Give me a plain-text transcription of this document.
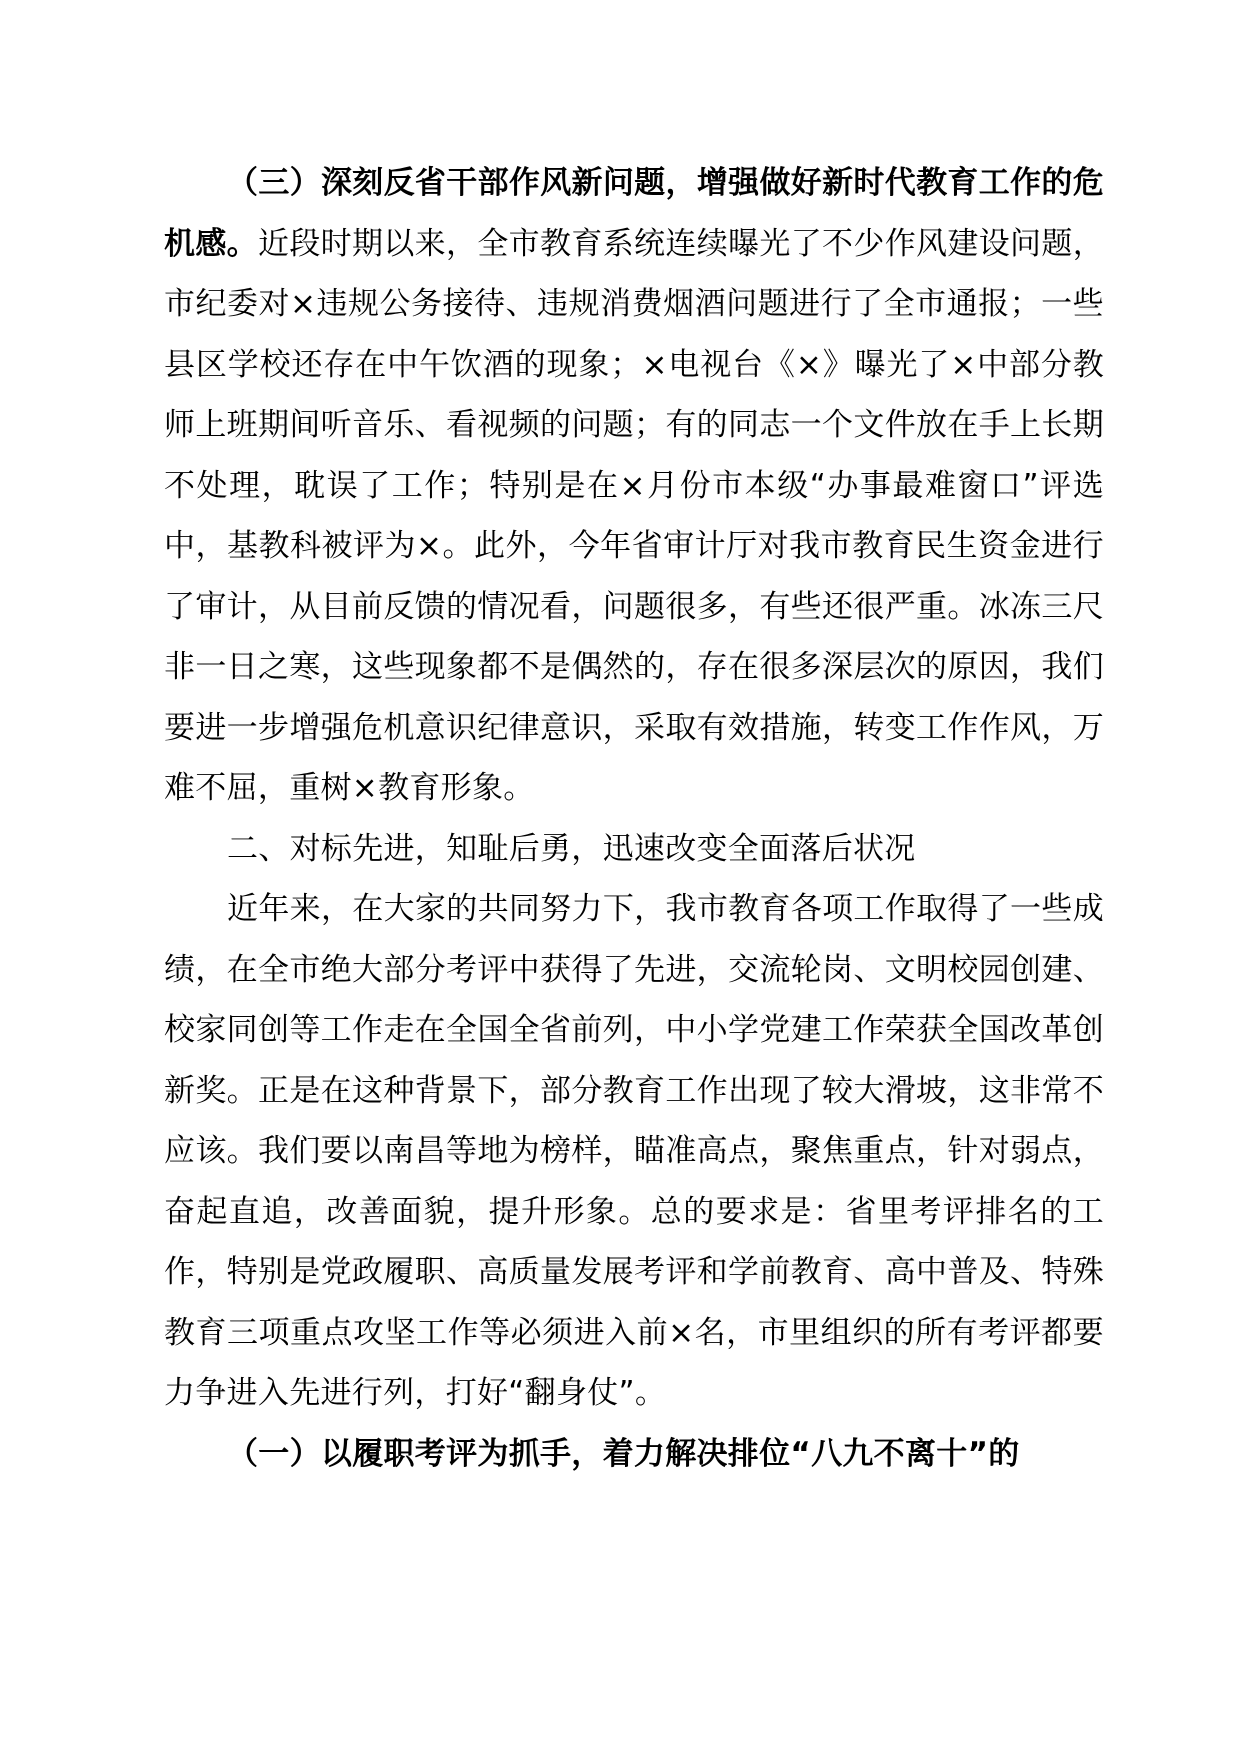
（三）深刻反省干部作风新问题，增强做好新时代教育工作的危机感。近段时期以来，全市教育系统连续曝光了不少作风建设问题，市纪委对×违规公务接待、违规消费烟酒问题进行了全市通报；一些县区学校还存在中午饮酒的现象；×电视台《×》曝光了×中部分教师上班期间听音乐、看视频的问题；有的同志一个文件放在手上长期不处理，耽误了工作；特别是在×月份市本级“办事最难窗口”评选中，基教科被评为×。此外，今年省审计厅对我市教育民生资金进行了审计，从目前反馈的情况看，问题很多，有些还很严重。冰冻三尺非一日之寒，这些现象都不是偶然的，存在很多深层次的原因，我们要进一步增强危机意识纪律意识，采取有效措施，转变工作作风，万难不屈，重树×教育形象。

二、对标先进，知耻后勇，迅速改变全面落后状况

近年来，在大家的共同努力下，我市教育各项工作取得了一些成绩，在全市绝大部分考评中获得了先进，交流轮岗、文明校园创建、校家同创等工作走在全国全省前列，中小学党建工作荣获全国改革创新奖。正是在这种背景下，部分教育工作出现了较大滑坡，这非常不应该。我们要以南昌等地为榜样，瞄准高点，聚焦重点，针对弱点，奋起直追，改善面貌，提升形象。总的要求是：省里考评排名的工作，特别是党政履职、高质量发展考评和学前教育、高中普及、特殊教育三项重点攻坚工作等必须进入前×名，市里组织的所有考评都要力争进入先进行列，打好“翻身仗”。

（一）以履职考评为抓手，着力解决排位“八九不离十”的
